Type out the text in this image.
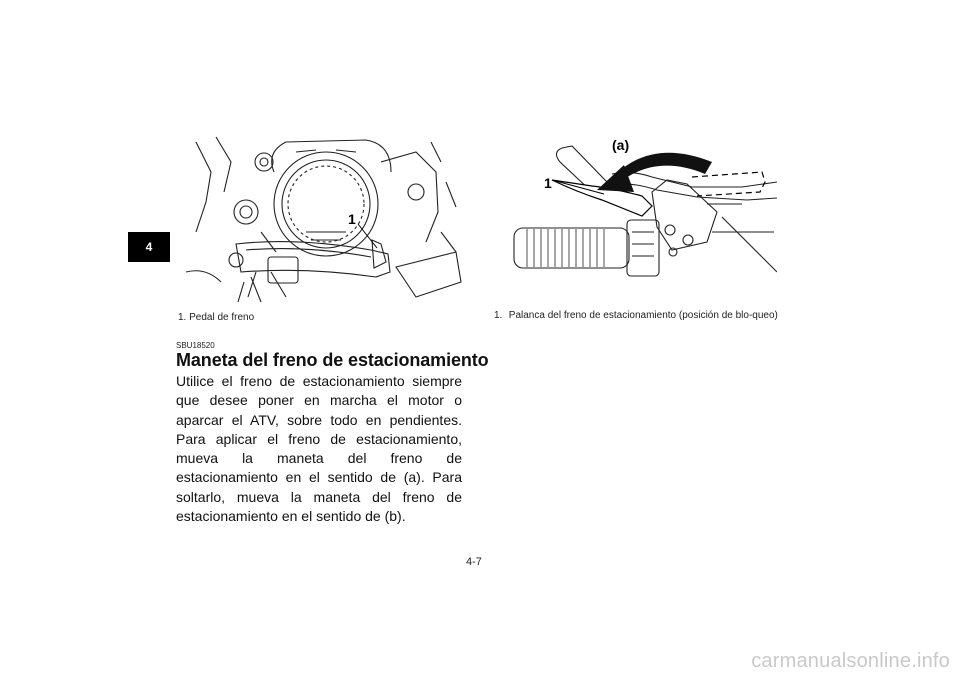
4
1
1. Pedal de freno
SBU18520
Maneta del freno de estacionamiento
Utilice el freno de estacionamiento siempre que desee poner en marcha el motor o aparcar el ATV, sobre todo en pendientes. Para aplicar el freno de estacionamiento, mueva la maneta del freno de estacionamiento en el sentido de (a). Para soltarlo, mueva la maneta del freno de estacionamiento en el sentido de (b).
(a)
1
1. Palanca del freno de estacionamiento (posición de blo-queo)
4-7
carmanualsonline.info
